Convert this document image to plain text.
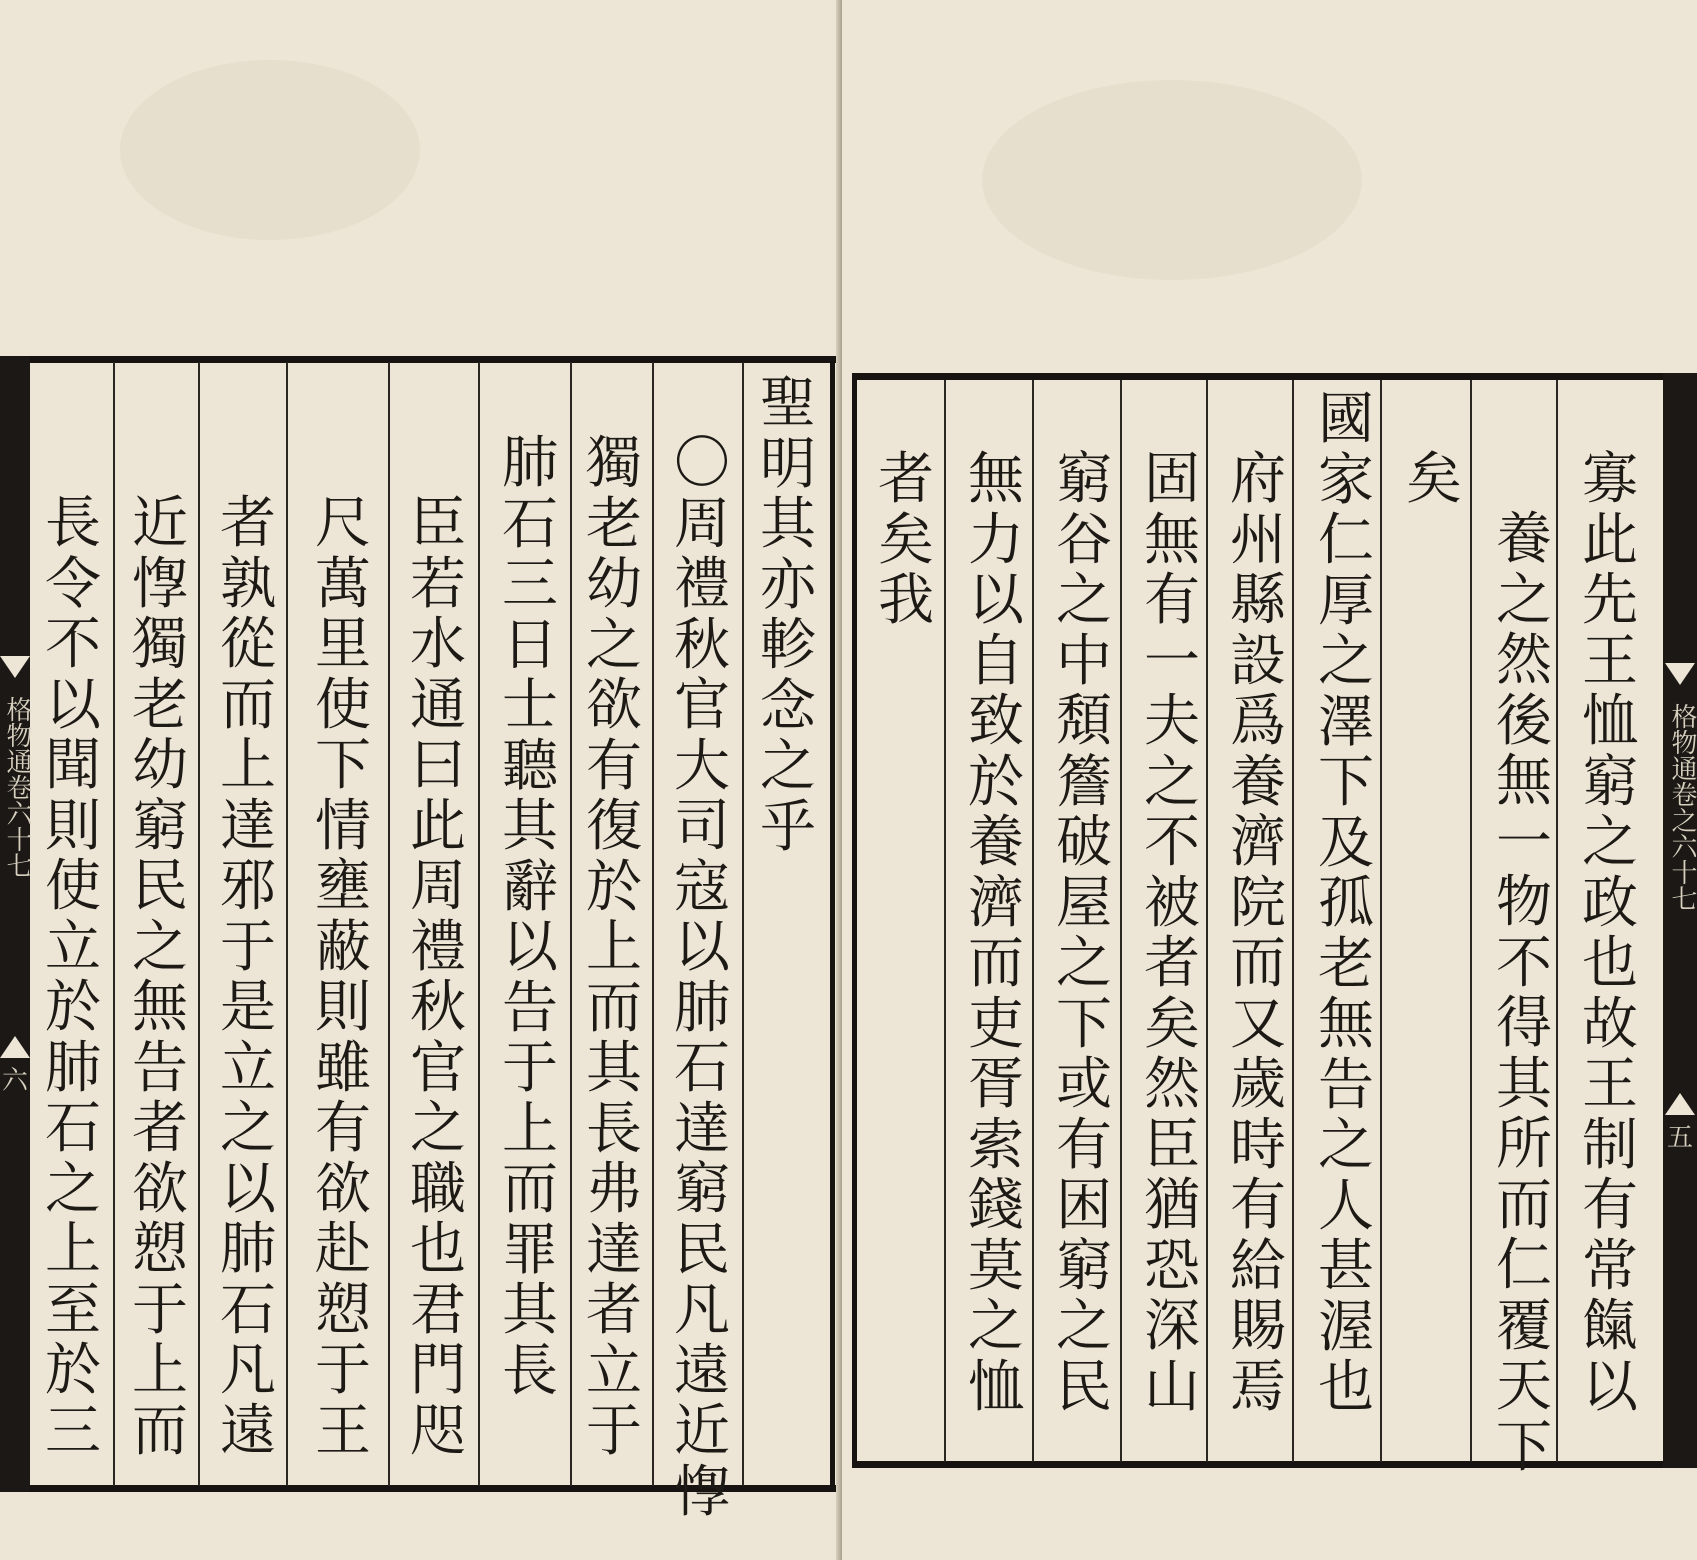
格物通卷六十七
六
聖
明
其
亦
軫
念
之
乎
〇
周
禮
秋
官
大
司
寇
以
肺
石
達
窮
民
凡
遠
近
惸
獨
老
幼
之
欲
有
復
於
上
而
其
長
弗
達
者
立
于
肺
石
三
日
士
聽
其
辭
以
告
于
上
而
罪
其
長
臣
若
水
通
曰
此
周
禮
秋
官
之
職
也
君
門
咫
尺
萬
里
使
下
情
壅
蔽
則
雖
有
欲
赴
愬
于
王
者
孰
從
而
上
達
邪
于
是
立
之
以
肺
石
凡
遠
近
惸
獨
老
幼
窮
民
之
無
告
者
欲
愬
于
上
而
長
令
不
以
聞
則
使
立
於
肺
石
之
上
至
於
三
格物通卷之六十七
五
寡
此
先
王
恤
窮
之
政
也
故
王
制
有
常
餼
以
養
之
然
後
無
一
物
不
得
其
所
而
仁
覆
天
下
矣
國
家
仁
厚
之
澤
下
及
孤
老
無
告
之
人
甚
渥
也
府
州
縣
設
爲
養
濟
院
而
又
歲
時
有
給
賜
焉
固
無
有
一
夫
之
不
被
者
矣
然
臣
猶
恐
深
山
窮
谷
之
中
頽
簷
破
屋
之
下
或
有
困
窮
之
民
無
力
以
自
致
於
養
濟
而
吏
胥
索
錢
莫
之
恤
者
矣
我
